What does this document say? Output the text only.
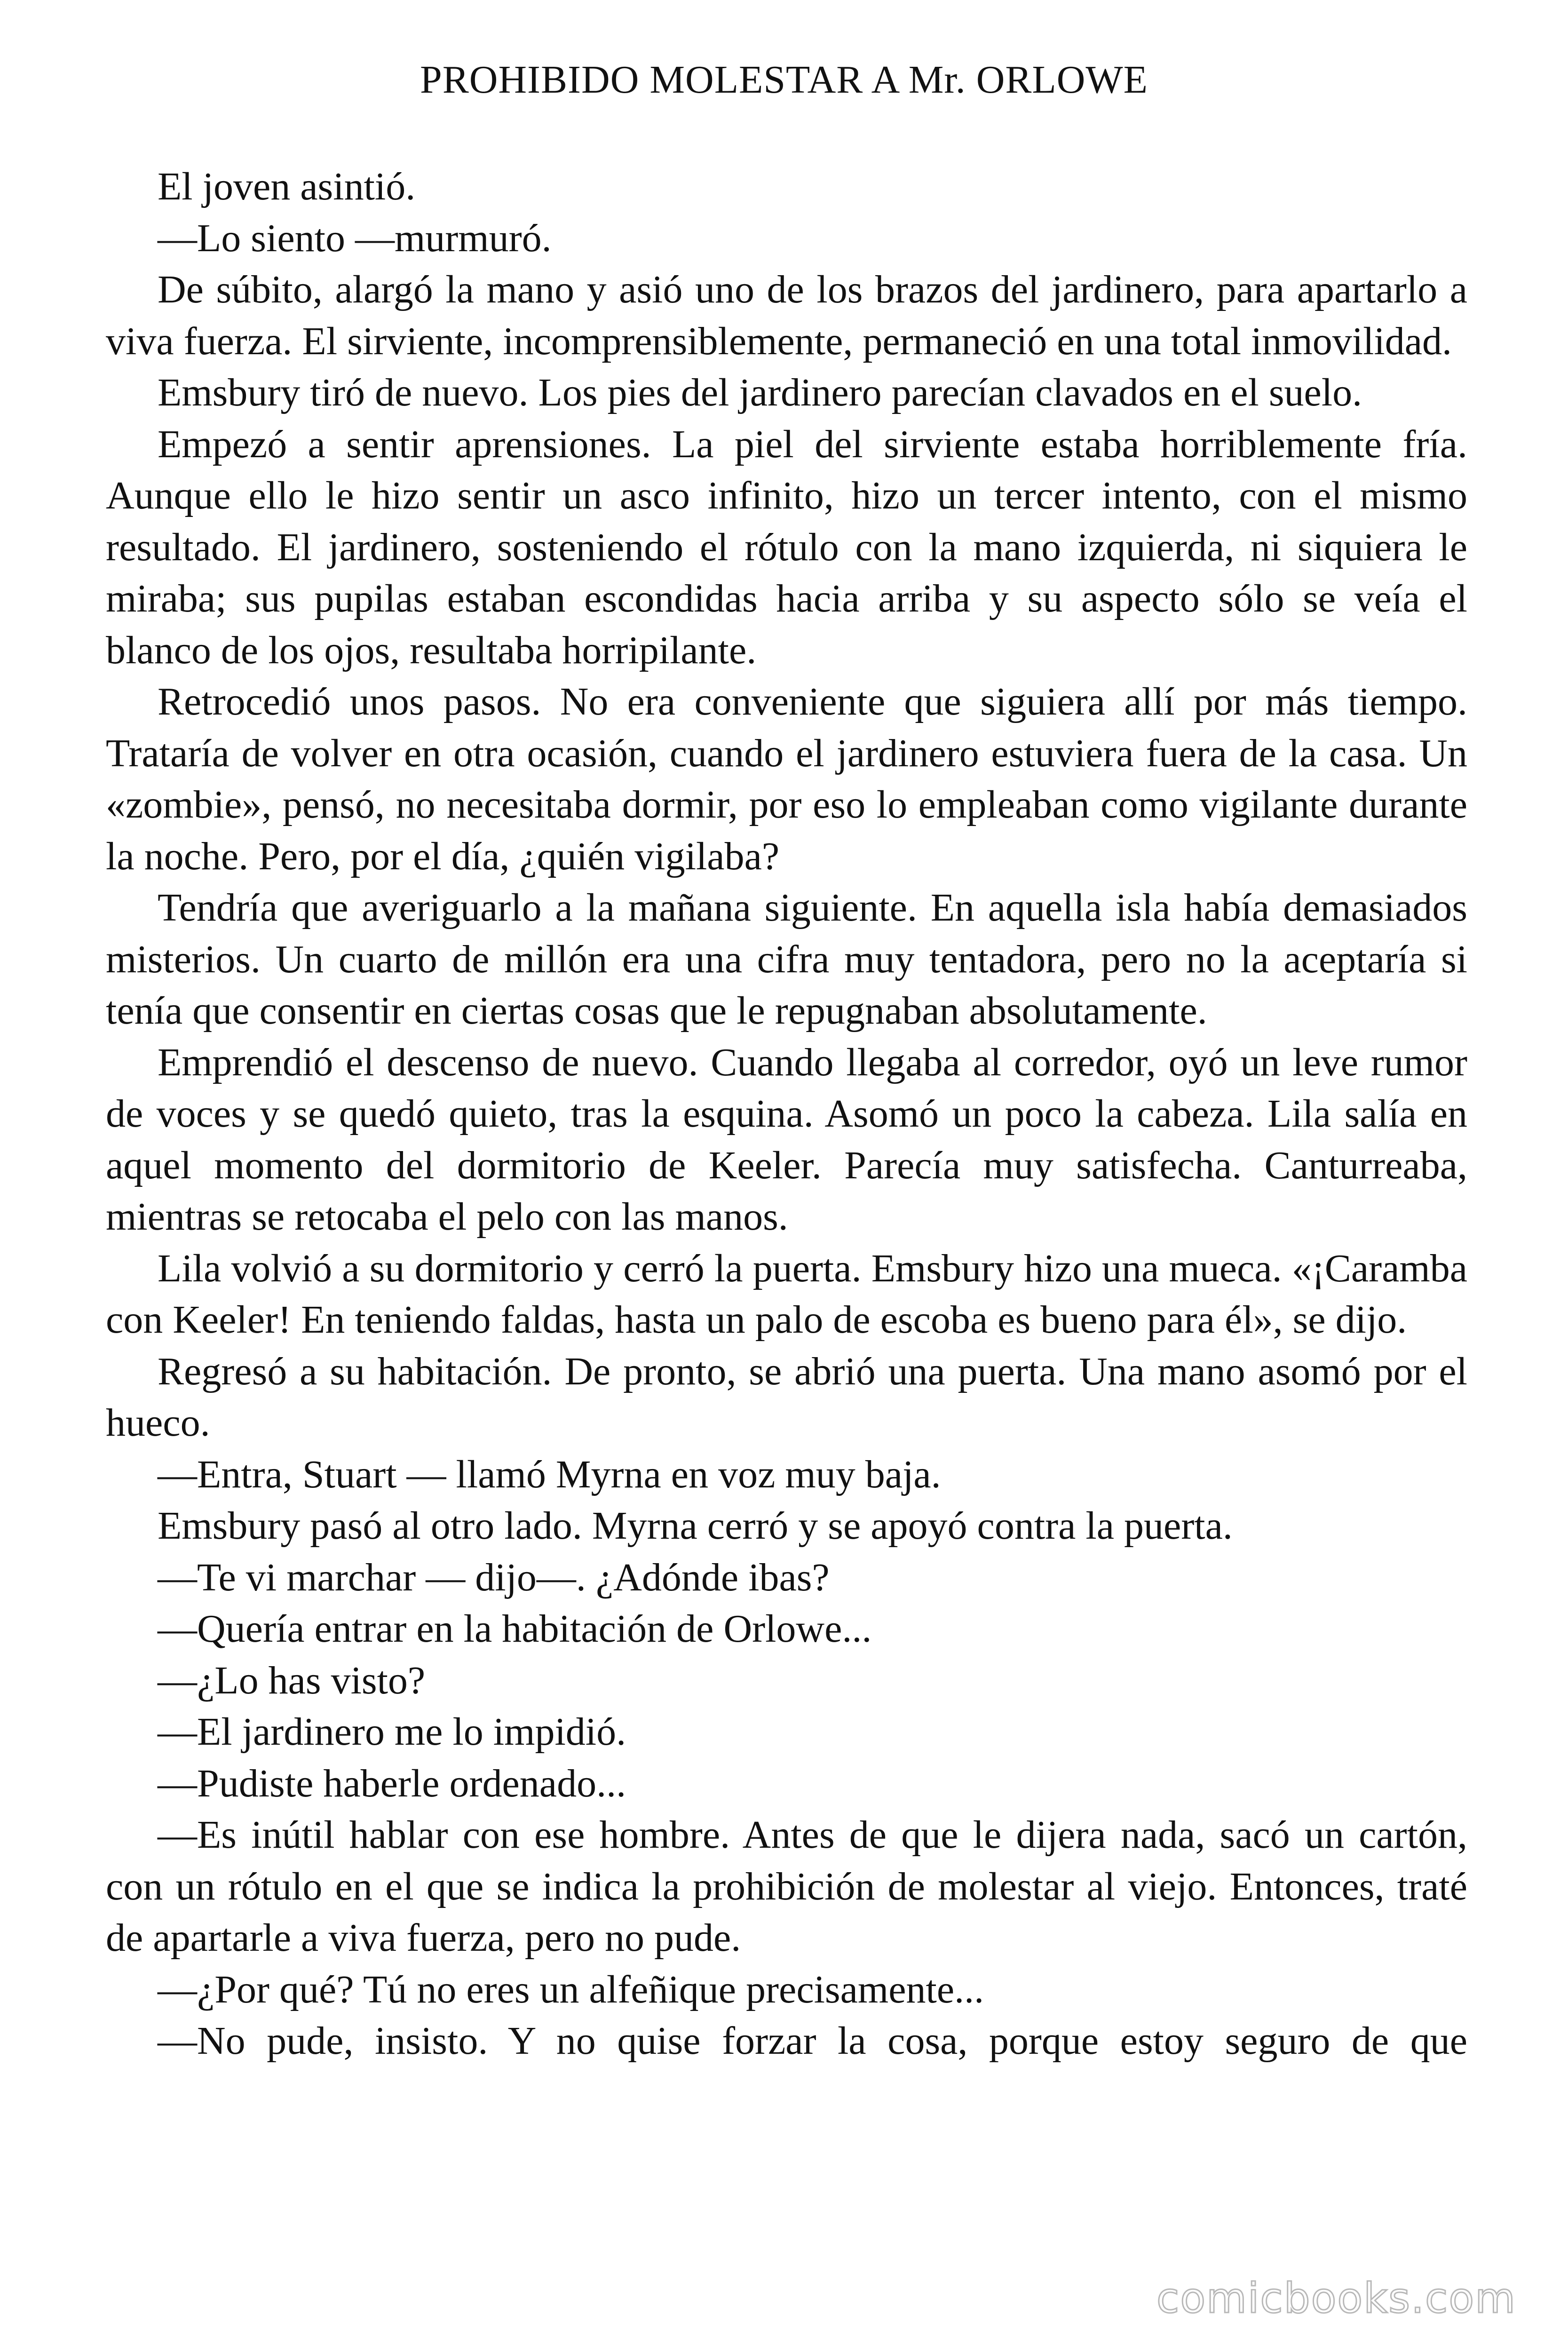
PROHIBIDO MOLESTAR A Mr. ORLOWE

El joven asintió.

—Lo siento —murmuró.

De súbito, alargó la mano y asió uno de los brazos del jardinero, para apartarlo a viva fuerza. El sirviente, incomprensiblemente, permaneció en una total inmovilidad.

Emsbury tiró de nuevo. Los pies del jardinero parecían clavados en el suelo.

Empezó a sentir aprensiones. La piel del sirviente estaba horriblemente fría. Aunque ello le hizo sentir un asco infinito, hizo un tercer intento, con el mismo resultado. El jardinero, sosteniendo el rótulo con la mano izquierda, ni siquiera le miraba; sus pupilas estaban escondidas hacia arriba y su aspecto sólo se veía el blanco de los ojos, resultaba horripilante.

Retrocedió unos pasos. No era conveniente que siguiera allí por más tiempo. Trataría de volver en otra ocasión, cuando el jardinero estuviera fuera de la casa. Un «zombie», pensó, no necesitaba dormir, por eso lo empleaban como vigilante durante la noche. Pero, por el día, ¿quién vigilaba?

Tendría que averiguarlo a la mañana siguiente. En aquella isla había demasiados misterios. Un cuarto de millón era una cifra muy tentadora, pero no la aceptaría si tenía que consentir en ciertas cosas que le repugnaban absolutamente.

Emprendió el descenso de nuevo. Cuando llegaba al corredor, oyó un leve rumor de voces y se quedó quieto, tras la esquina. Asomó un poco la cabeza. Lila salía en aquel momento del dormitorio de Keeler. Parecía muy satisfecha. Canturreaba, mientras se retocaba el pelo con las manos.

Lila volvió a su dormitorio y cerró la puerta. Emsbury hizo una mueca. «¡Caramba con Keeler! En teniendo faldas, hasta un palo de escoba es bueno para él», se dijo.

Regresó a su habitación. De pronto, se abrió una puerta. Una mano asomó por el hueco.

—Entra, Stuart — llamó Myrna en voz muy baja.

Emsbury pasó al otro lado. Myrna cerró y se apoyó contra la puerta.

—Te vi marchar — dijo—. ¿Adónde ibas?

—Quería entrar en la habitación de Orlowe...

—¿Lo has visto?

—El jardinero me lo impidió.

—Pudiste haberle ordenado...

—Es inútil hablar con ese hombre. Antes de que le dijera nada, sacó un cartón, con un rótulo en el que se indica la prohibición de molestar al viejo. Entonces, traté de apartarle a viva fuerza, pero no pude.

—¿Por qué? Tú no eres un alfeñique precisamente...

—No pude, insisto. Y no quise forzar la cosa, porque estoy seguro de que

comicbooks.com
